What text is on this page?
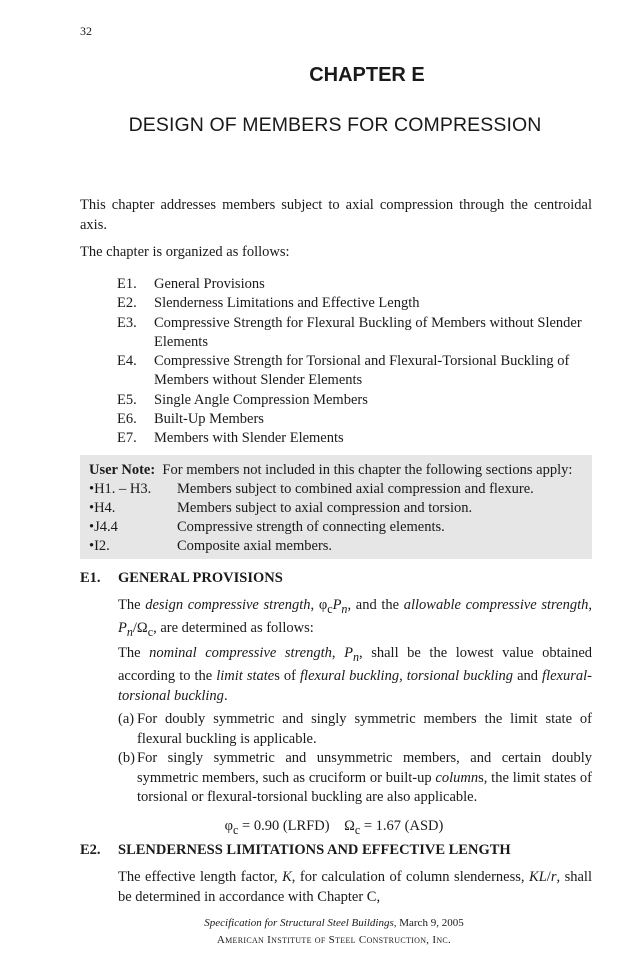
32
CHAPTER E
DESIGN OF MEMBERS FOR COMPRESSION
This chapter addresses members subject to axial compression through the centroidal axis.
The chapter is organized as follows:
E1.	General Provisions
E2.	Slenderness Limitations and Effective Length
E3.	Compressive Strength for Flexural Buckling of Members without Slender Elements
E4.	Compressive Strength for Torsional and Flexural-Torsional Buckling of Members without Slender Elements
E5.	Single Angle Compression Members
E6.	Built-Up Members
E7.	Members with Slender Elements
User Note: For members not included in this chapter the following sections apply:
•H1. – H3.	Members subject to combined axial compression and flexure.
•H4.	Members subject to axial compression and torsion.
•J4.4	Compressive strength of connecting elements.
•I2.	Composite axial members.
E1.	GENERAL PROVISIONS
The design compressive strength, $\varphi_cP_n$, and the allowable compressive strength, $P_n/\Omega_c$, are determined as follows:
The nominal compressive strength, $P_n$, shall be the lowest value obtained according to the limit states of flexural buckling, torsional buckling and flexural-torsional buckling.
(a) For doubly symmetric and singly symmetric members the limit state of flexural buckling is applicable.
(b) For singly symmetric and unsymmetric members, and certain doubly symmetric members, such as cruciform or built-up columns, the limit states of torsional or flexural-torsional buckling are also applicable.
$\varphi_c = 0.90$ (LRFD)    $\Omega_c = 1.67$ (ASD)
E2.	SLENDERNESS LIMITATIONS AND EFFECTIVE LENGTH
The effective length factor, K, for calculation of column slenderness, KL/r, shall be determined in accordance with Chapter C,
Specification for Structural Steel Buildings, March 9, 2005
American Institute of Steel Construction, Inc.
